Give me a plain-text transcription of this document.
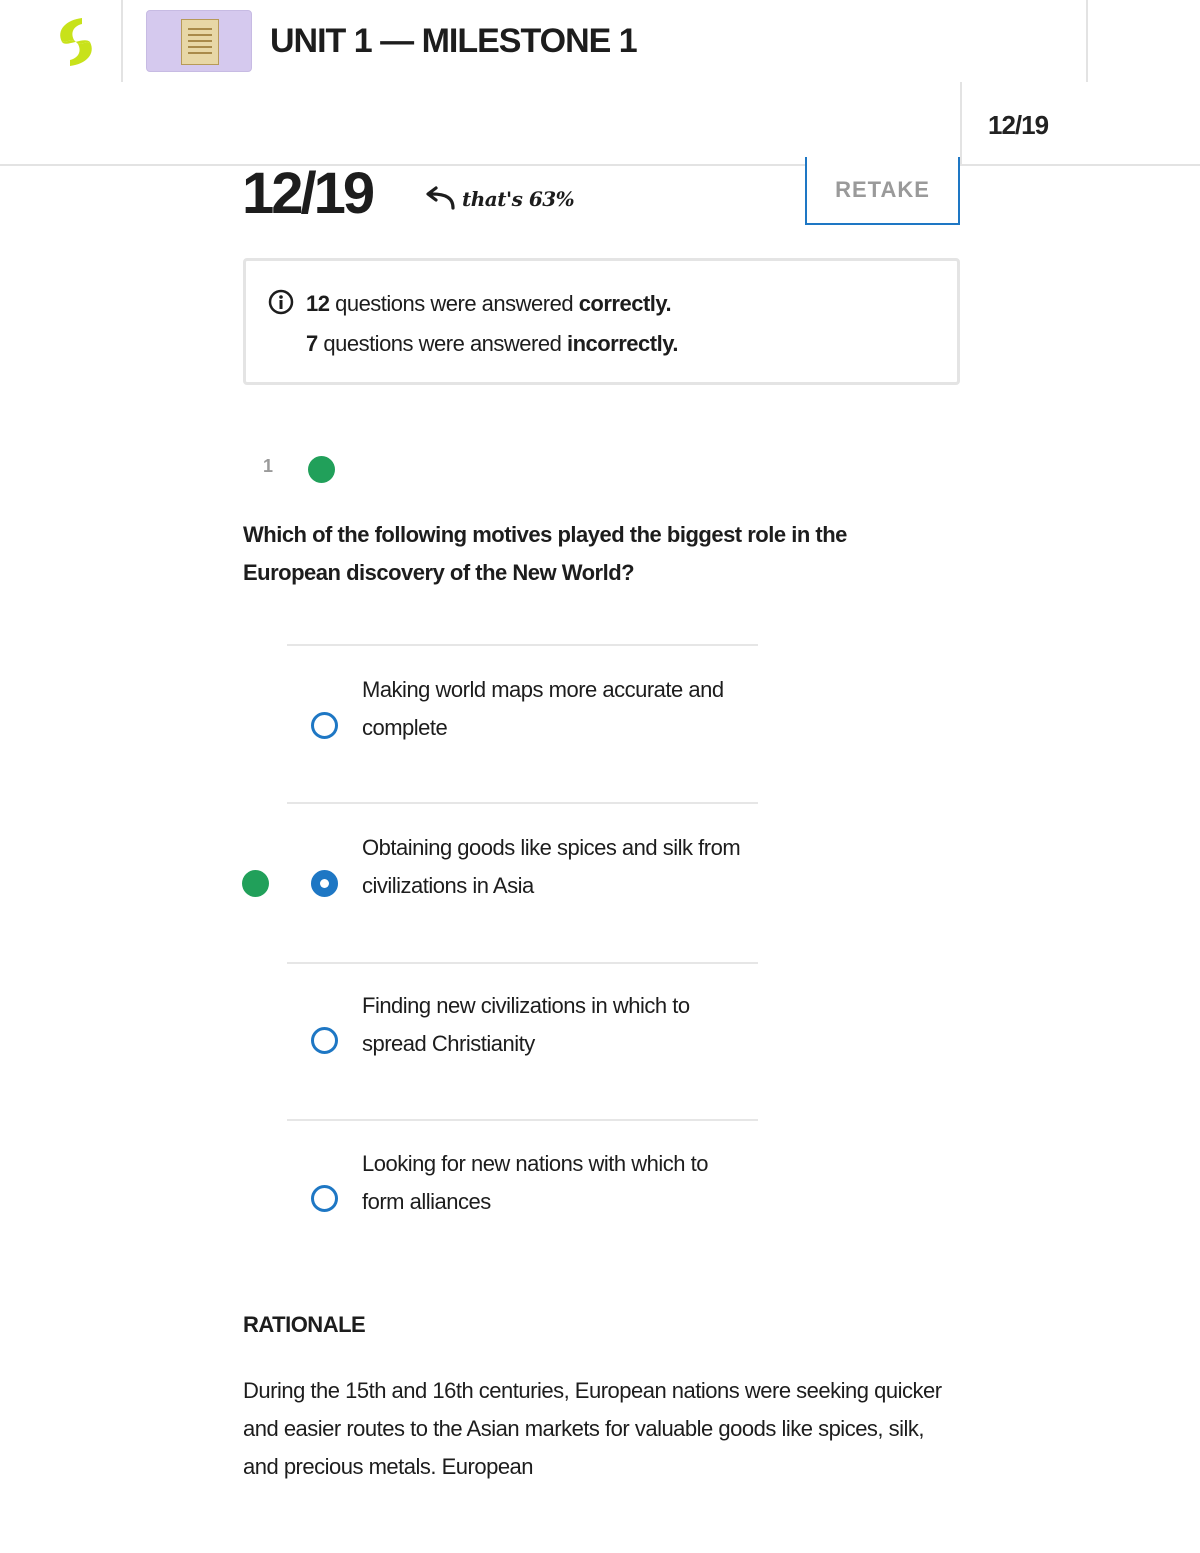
UNIT 1 — MILESTONE 1
12/19
12/19	that's 63%	RETAKE
12 questions were answered correctly.
7 questions were answered incorrectly.
1
Which of the following motives played the biggest role in the European discovery of the New World?
Making world maps more accurate and complete
Obtaining goods like spices and silk from civilizations in Asia
Finding new civilizations in which to spread Christianity
Looking for new nations with which to form alliances
RATIONALE
During the 15th and 16th centuries, European nations were seeking quicker and easier routes to the Asian markets for valuable goods like spices, silk, and precious metals. European
